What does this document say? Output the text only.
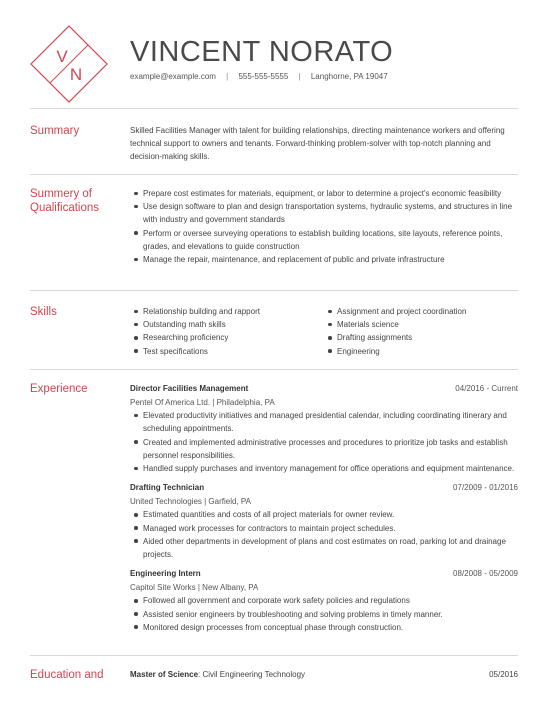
V
N
VINCENT NORATO
example@example.com | 555-555-5555 | Langhorne, PA 19047
Summary	Skilled Facilities Manager with talent for building relationships, directing maintenance workers and offering technical support to owners and tenants. Forward-thinking problem-solver with top-notch planning and decision-making skills.
Summery of
Qualifications
Prepare cost estimates for materials, equipment, or labor to determine a project's economic feasibility
Use design software to plan and design transportation systems, hydraulic systems, and structures in line with industry and government standards
Perform or oversee surveying operations to establish building locations, site layouts, reference points, grades, and elevations to guide construction
Manage the repair, maintenance, and replacement of public and private infrastructure
Skills	Relationship building and rapport
Outstanding math skills
Researching proficiency
Test specifications
Assignment and project coordination
Materials science
Drafting assignments
Engineering
Experience	Director Facilities Management	04/2016 - Current
Pentel Of America Ltd. | Philadelphia, PA
Elevated productivity initiatives and managed presidential calendar, including coordinating itinerary and scheduling appointments.
Created and implemented administrative processes and procedures to prioritize job tasks and establish personnel responsibilities.
Handled supply purchases and inventory management for office operations and equipment maintenance.
Drafting Technician	07/2009 - 01/2016
United Technologies | Garfield, PA
Estimated quantities and costs of all project materials for owner review.
Managed work processes for contractors to maintain project schedules.
Aided other departments in development of plans and cost estimates on road, parking lot and drainage projects.
Engineering Intern	08/2008 - 05/2009
Capitol Site Works | New Albany, PA
Followed all government and corporate work safety policies and regulations
Assisted senior engineers by troubleshooting and solving problems in timely manner.
Monitored design processes from conceptual phase through construction.
Education and	Master of Science: Civil Engineering Technology	05/2016
